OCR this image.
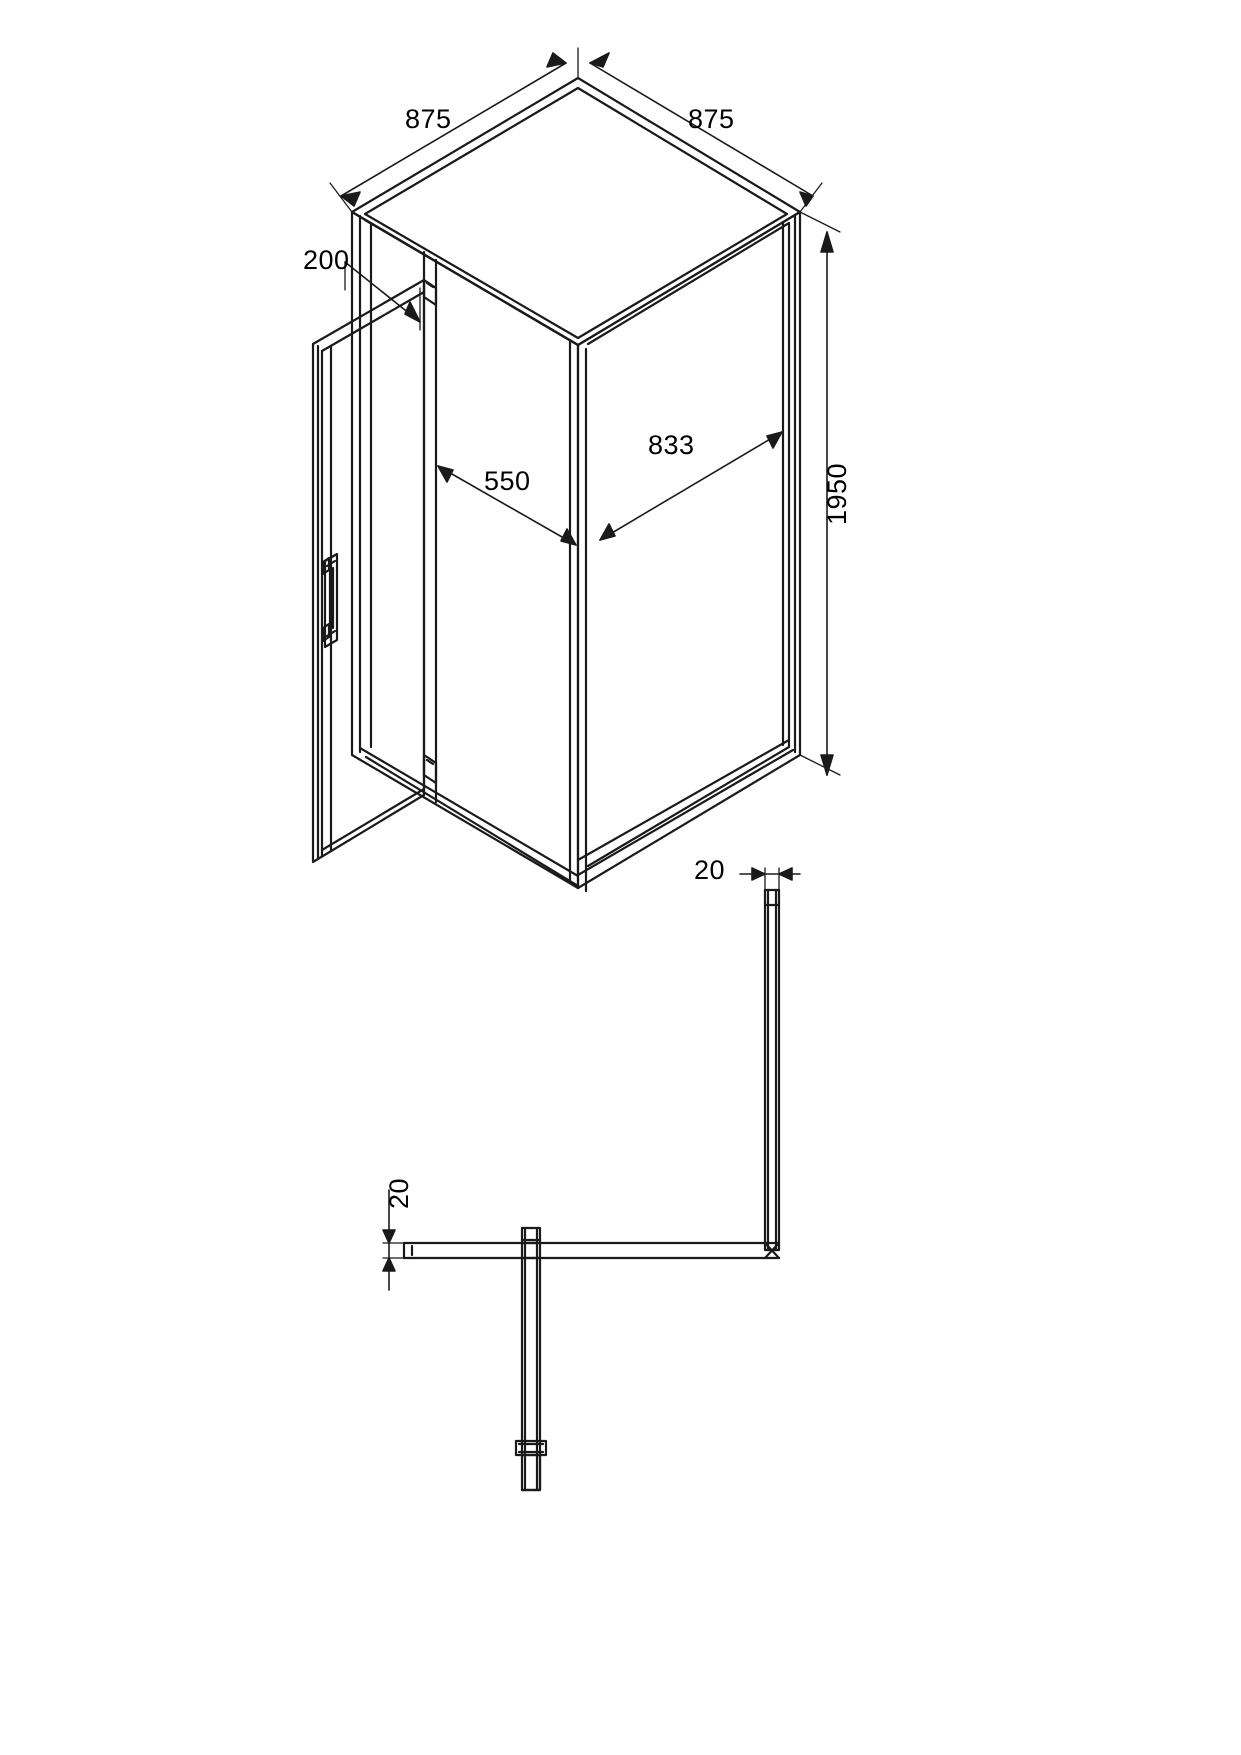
875	875
200
550
833
1950
20
20
